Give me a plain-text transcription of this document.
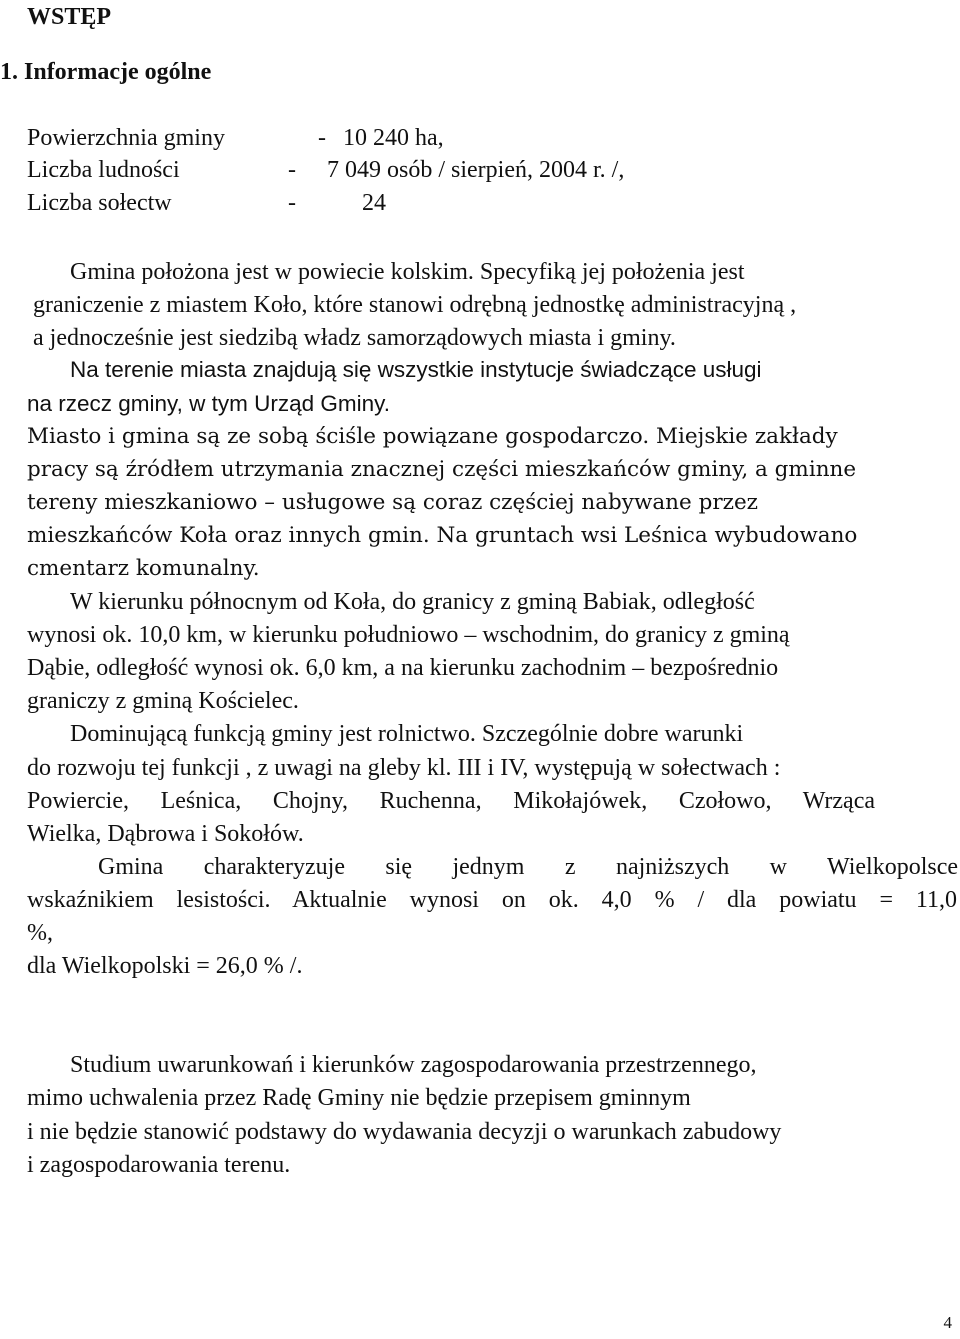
WSTĘP
1. Informacje ogólne
Powierzchnia gminy	- 10 240 ha,
Liczba ludności	- 7 049 osób / sierpień, 2004 r. /,
Liczba sołectw	-	24

Gmina położona jest w powiecie kolskim. Specyfiką jej położenia jest

graniczenie z miastem Koło, które stanowi odrębną jednostkę administracyjną ,

a jednocześnie jest siedzibą władz samorządowych miasta i gminy.

Na terenie miasta znajdują się wszystkie instytucje świadczące usługi

na rzecz gminy, w tym Urząd Gminy.

Miasto i gmina są ze sobą ściśle powiązane gospodarczo. Miejskie zakłady

pracy są źródłem utrzymania znacznej części mieszkańców gminy, a gminne

tereny mieszkaniowo – usługowe są coraz częściej nabywane przez

mieszkańców Koła oraz innych gmin. Na gruntach wsi Leśnica wybudowano

cmentarz komunalny.

W kierunku północnym od Koła, do granicy z gminą Babiak, odległość

wynosi ok. 10,0 km, w kierunku południowo – wschodnim, do granicy z gminą

Dąbie, odległość wynosi ok. 6,0 km, a na kierunku zachodnim – bezpośrednio

graniczy z gminą Kościelec.

Dominującą funkcją gminy jest rolnictwo. Szczególnie dobre warunki

do rozwoju tej funkcji , z uwagi na gleby kl. III i IV, występują w sołectwach :

Powiercie, Leśnica, Chojny, Ruchenna, Mikołajówek, Czołowo, Wrząca

Wielka, Dąbrowa i Sokołów.

Gmina charakteryzuje się jednym z najniższych w Wielkopolsce

wskaźnikiem lesistości. Aktualnie wynosi on ok. 4,0 % / dla powiatu = 11,0

%,

dla Wielkopolski = 26,0 % /.

Studium uwarunkowań i kierunków zagospodarowania przestrzennego,

mimo uchwalenia przez Radę Gminy nie będzie przepisem gminnym

i nie będzie stanowić podstawy do wydawania decyzji o warunkach zabudowy

i zagospodarowania terenu.

4
